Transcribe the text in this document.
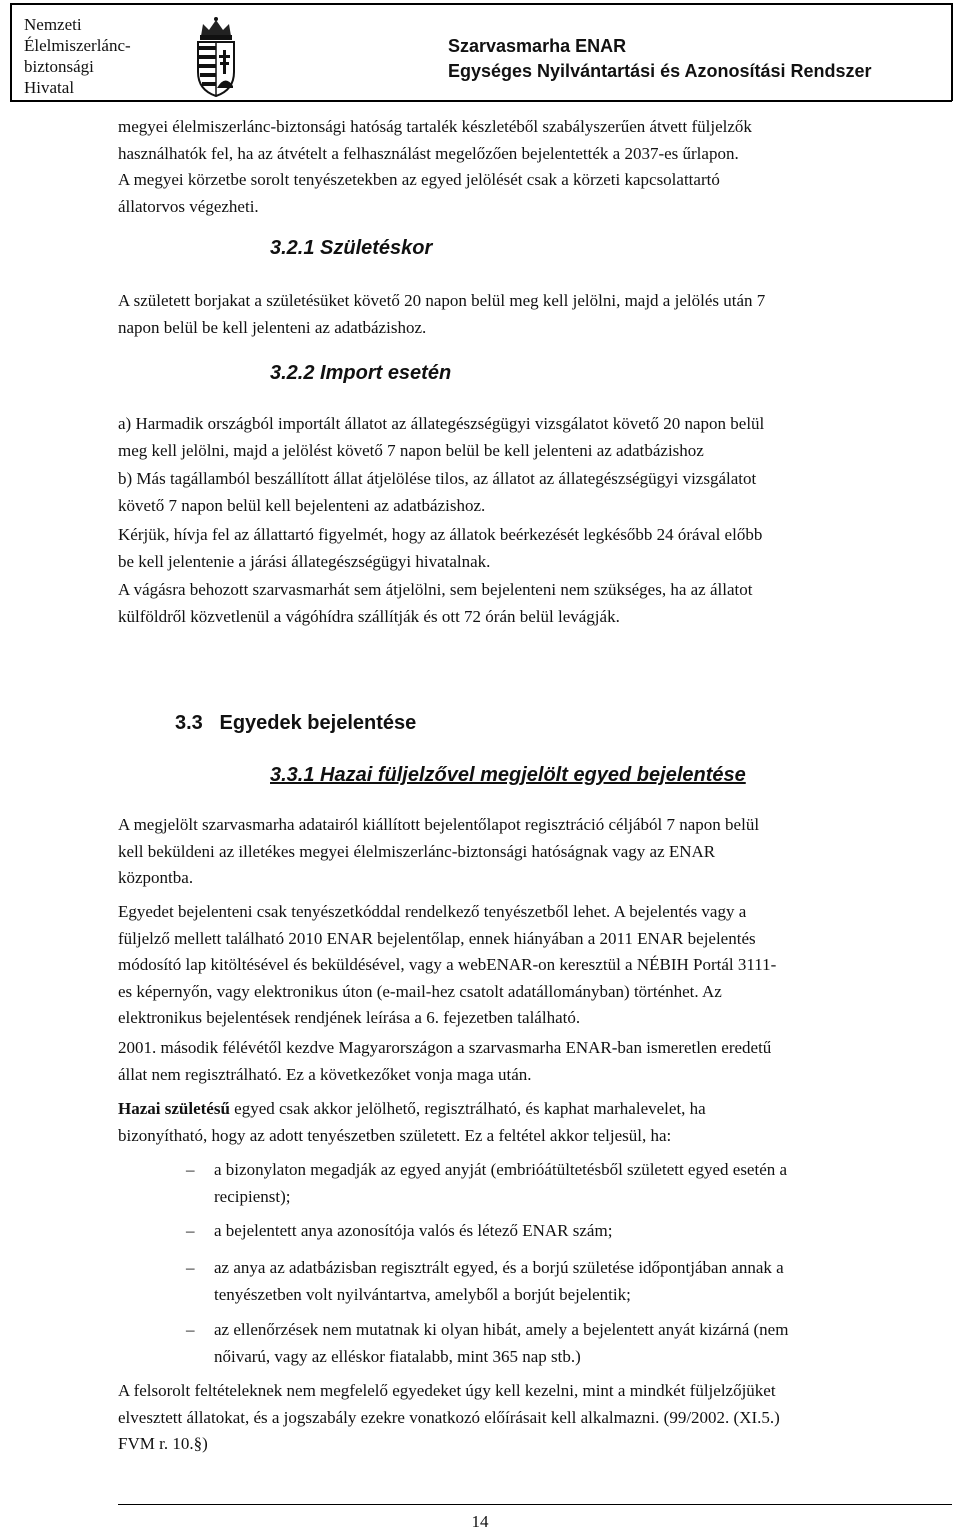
Nemzeti
Élelmiszerlánc-
biztonsági
Hivatal
Szarvasmarha ENAR
Egységes Nyilvántartási és Azonosítási Rendszer
megyei élelmiszerlánc-biztonsági hatóság tartalék készletéből szabályszerűen átvett füljelzők
használhatók fel, ha az átvételt a felhasználást megelőzően bejelentették a 2037-es űrlapon.
A megyei körzetbe sorolt tenyészetekben az egyed jelölését csak a körzeti kapcsolattartó
állatorvos végezheti.
3.2.1 Születéskor
A született borjakat a születésüket követő 20 napon belül meg kell jelölni, majd a jelölés után 7
napon belül be kell jelenteni az adatbázishoz.
3.2.2 Import esetén
a) Harmadik országból importált állatot az állategészségügyi vizsgálatot követő 20 napon belül
meg kell jelölni, majd a jelölést követő 7 napon belül be kell jelenteni az adatbázishoz
b) Más tagállamból beszállított állat átjelölése tilos, az állatot az állategészségügyi vizsgálatot
követő 7 napon belül kell bejelenteni az adatbázishoz.
Kérjük, hívja fel az állattartó figyelmét, hogy az állatok beérkezését legkésőbb 24 órával előbb
be kell jelentenie a járási állategészségügyi hivatalnak.
A vágásra behozott szarvasmarhát sem átjelölni, sem bejelenteni nem szükséges, ha az állatot
külföldről közvetlenül a vágóhídra szállítják és ott 72 órán belül levágják.
3.3   Egyedek bejelentése
3.3.1 Hazai füljelzővel megjelölt egyed bejelentése
A megjelölt szarvasmarha adatairól kiállított bejelentőlapot regisztráció céljából 7 napon belül
kell beküldeni az illetékes megyei élelmiszerlánc-biztonsági hatóságnak vagy az ENAR
központba.
Egyedet bejelenteni csak tenyészetkóddal rendelkező tenyészetből lehet. A bejelentés vagy a
füljelző mellett található 2010 ENAR bejelentőlap, ennek hiányában a 2011 ENAR bejelentés
módosító lap kitöltésével és beküldésével, vagy a webENAR-on keresztül a NÉBIH Portál 3111-
es képernyőn, vagy elektronikus úton (e-mail-hez csatolt adatállományban) történhet. Az
elektronikus bejelentések rendjének leírása a 6. fejezetben található.
2001. második félévétől kezdve Magyarországon a szarvasmarha ENAR-ban ismeretlen eredetű
állat nem regisztrálható. Ez a következőket vonja maga után.
Hazai születésű egyed csak akkor jelölhető, regisztrálható, és kaphat marhalevelet, ha
bizonyítható, hogy az adott tenyészetben született. Ez a feltétel akkor teljesül, ha:
–	a bizonylaton megadják az egyed anyját (embrióátültetésből született egyed esetén a
recipienst);
–	a bejelentett anya azonosítója valós és létező ENAR szám;
–	az anya az adatbázisban regisztrált egyed, és a borjú születése időpontjában annak a
tenyészetben volt nyilvántartva, amelyből a borjút bejelentik;
–	az ellenőrzések nem mutatnak ki olyan hibát, amely a bejelentett anyát kizárná (nem
nőivarú, vagy az elléskor fiatalabb, mint 365 nap stb.)
A felsorolt feltételeknek nem megfelelő egyedeket úgy kell kezelni, mint a mindkét füljelzőjüket
elvesztett állatokat, és a jogszabály ezekre vonatkozó előírásait kell alkalmazni. (99/2002. (XI.5.)
FVM r. 10.§)
14
